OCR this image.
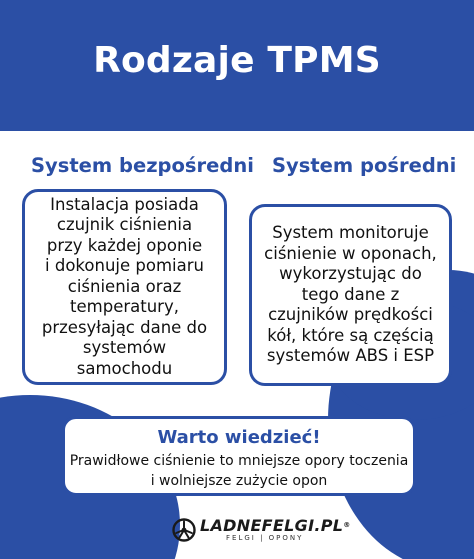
Rodzaje TPMS
System bezpośredni System pośredni

Instalacja posiada
czujnik ciśnienia
przy każdej oponie
i dokonuje pomiaru
ciśnienia oraz
temperatury,
przesyłając dane do
systemów
samochodu

System monitoruje
ciśnienie w oponach,
wykorzystując do
tego dane z
czujników prędkości
kół, które są częścią
systemów ABS i ESP

Warto wiedzieć!

Prawidłowe ciśnienie to mniejsze opory toczenia
i wolniejsze zużycie opon

LADNEFELGI.PL®
FELGI | OPONY
